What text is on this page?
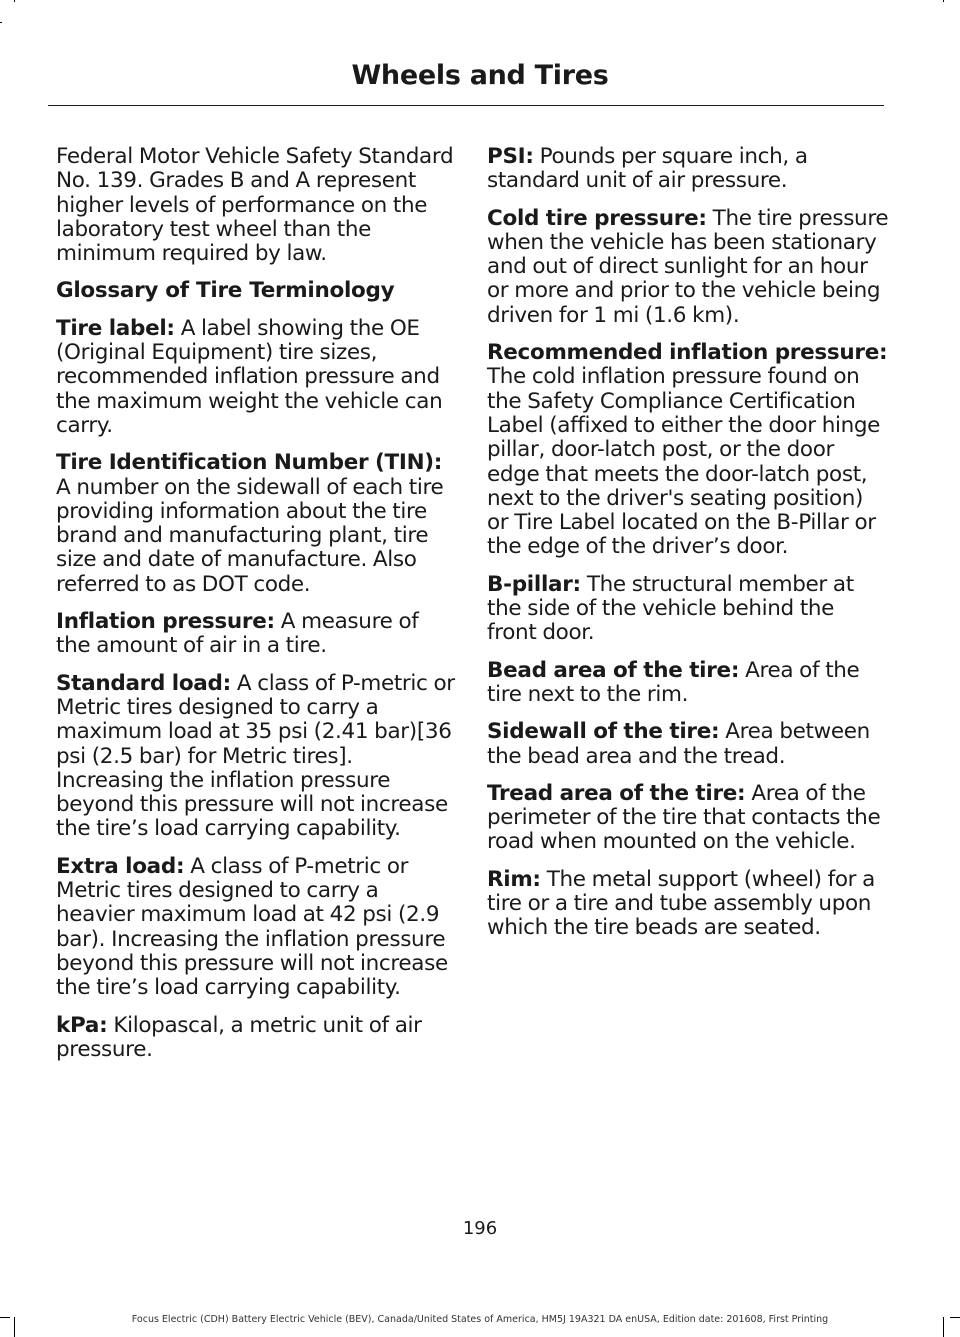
Wheels and Tires

Federal Motor Vehicle Safety Standard No. 139. Grades B and A represent higher levels of performance on the laboratory test wheel than the minimum required by law.

Glossary of Tire Terminology

Tire label: A label showing the OE (Original Equipment) tire sizes, recommended inflation pressure and the maximum weight the vehicle can carry.

Tire Identification Number (TIN): A number on the sidewall of each tire providing information about the tire brand and manufacturing plant, tire size and date of manufacture. Also referred to as DOT code.

Inflation pressure: A measure of the amount of air in a tire.

Standard load: A class of P-metric or Metric tires designed to carry a maximum load at 35 psi (2.41 bar)[36 psi (2.5 bar) for Metric tires]. Increasing the inflation pressure beyond this pressure will not increase the tire’s load carrying capability.

Extra load: A class of P-metric or Metric tires designed to carry a heavier maximum load at 42 psi (2.9 bar). Increasing the inflation pressure beyond this pressure will not increase the tire’s load carrying capability.

kPa: Kilopascal, a metric unit of air pressure.

PSI: Pounds per square inch, a standard unit of air pressure.

Cold tire pressure: The tire pressure when the vehicle has been stationary and out of direct sunlight for an hour or more and prior to the vehicle being driven for 1 mi (1.6 km).

Recommended inflation pressure: The cold inflation pressure found on the Safety Compliance Certification Label (affixed to either the door hinge pillar, door-latch post, or the door edge that meets the door-latch post, next to the driver's seating position) or Tire Label located on the B-Pillar or the edge of the driver’s door.

B-pillar: The structural member at the side of the vehicle behind the front door.

Bead area of the tire: Area of the tire next to the rim.

Sidewall of the tire: Area between the bead area and the tread.

Tread area of the tire: Area of the perimeter of the tire that contacts the road when mounted on the vehicle.

Rim: The metal support (wheel) for a tire or a tire and tube assembly upon which the tire beads are seated.

196
Focus Electric (CDH) Battery Electric Vehicle (BEV), Canada/United States of America, HM5J 19A321 DA enUSA, Edition date: 201608, First Printing
